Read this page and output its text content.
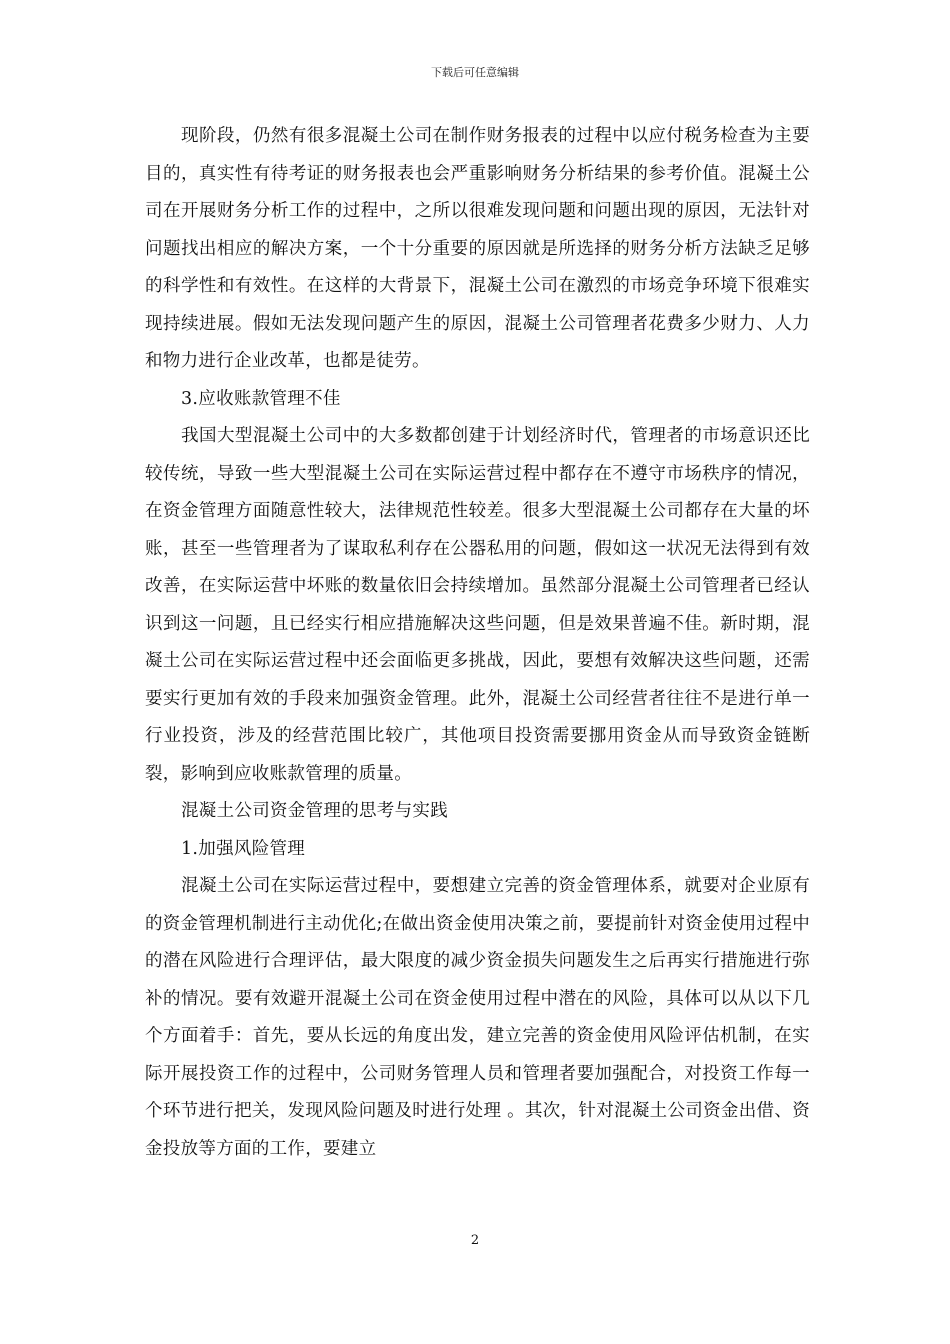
下载后可任意编辑

现阶段，仍然有很多混凝土公司在制作财务报表的过程中以应付税务检查为主要目的，真实性有待考证的财务报表也会严重影响财务分析结果的参考价值。混凝土公司在开展财务分析工作的过程中，之所以很难发现问题和问题出现的原因，无法针对问题找出相应的解决方案，一个十分重要的原因就是所选择的财务分析方法缺乏足够的科学性和有效性。在这样的大背景下，混凝土公司在激烈的市场竞争环境下很难实现持续进展。假如无法发现问题产生的原因，混凝土公司管理者花费多少财力、人力和物力进行企业改革，也都是徒劳。

3.应收账款管理不佳

我国大型混凝土公司中的大多数都创建于计划经济时代，管理者的市场意识还比较传统，导致一些大型混凝土公司在实际运营过程中都存在不遵守市场秩序的情况，在资金管理方面随意性较大，法律规范性较差。很多大型混凝土公司都存在大量的坏账，甚至一些管理者为了谋取私利存在公器私用的问题，假如这一状况无法得到有效改善，在实际运营中坏账的数量依旧会持续增加。虽然部分混凝土公司管理者已经认识到这一问题，且已经实行相应措施解决这些问题，但是效果普遍不佳。新时期，混凝土公司在实际运营过程中还会面临更多挑战，因此，要想有效解决这些问题，还需要实行更加有效的手段来加强资金管理。此外，混凝土公司经营者往往不是进行单一行业投资，涉及的经营范围比较广，其他项目投资需要挪用资金从而导致资金链断裂，影响到应收账款管理的质量。

混凝土公司资金管理的思考与实践

1.加强风险管理

混凝土公司在实际运营过程中，要想建立完善的资金管理体系，就要对企业原有的资金管理机制进行主动优化;在做出资金使用决策之前，要提前针对资金使用过程中的潜在风险进行合理评估，最大限度的减少资金损失问题发生之后再实行措施进行弥补的情况。要有效避开混凝土公司在资金使用过程中潜在的风险，具体可以从以下几个方面着手：首先，要从长远的角度出发，建立完善的资金使用风险评估机制，在实际开展投资工作的过程中，公司财务管理人员和管理者要加强配合，对投资工作每一个环节进行把关，发现风险问题及时进行处理 。其次，针对混凝土公司资金出借、资金投放等方面的工作，要建立

2
